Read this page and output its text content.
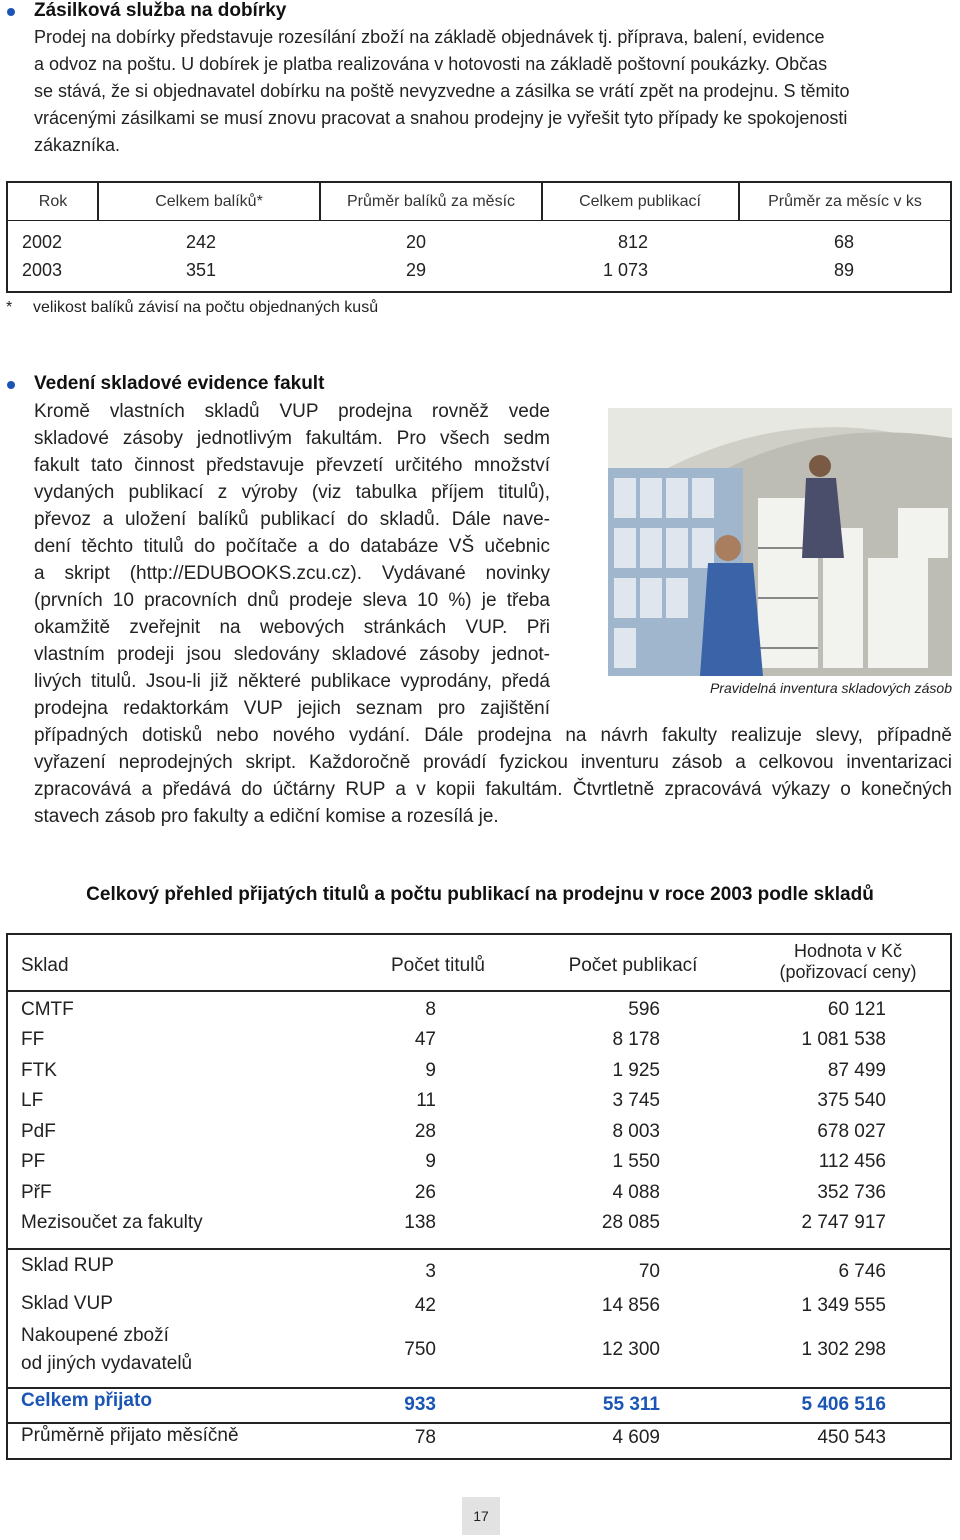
Zásilková služba na dobírky
Prodej na dobírky představuje rozesílání zboží na základě objednávek tj. příprava, balení, evidence
a odvoz na poštu. U dobírek je platba realizována v hotovosti na základě poštovní poukázky. Občas
se stává, že si objednavatel dobírku na poště nevyzvedne a zásilka se vrátí zpět na prodejnu. S těmito
vrácenými zásilkami se musí znovu pracovat a snahou prodejny je vyřešit tyto případy ke spokojenosti
zákazníka.
Rok	Celkem balíků*	Průměr balíků za měsíc	Celkem publikací	Průměr za měsíc v ks
2002	242	20	812	68
2003	351	29	1 073	89
* velikost balíků závisí na počtu objednaných kusů
Vedení skladové evidence fakult
Kromě vlastních skladů VUP prodejna rovněž vede
skladové zásoby jednotlivým fakultám. Pro všech sedm
fakult tato činnost představuje převzetí určitého množství
vydaných publikací z výroby (viz tabulka příjem titulů),
převoz a uložení balíků publikací do skladů. Dále nave-
dení těchto titulů do počítače a do databáze VŠ učebnic
a skript (http://EDUBOOKS.zcu.cz). Vydávané novinky
(prvních 10 pracovních dnů prodeje sleva 10 %) je třeba
okamžitě zveřejnit na webových stránkách VUP. Při
vlastním prodeji jsou sledovány skladové zásoby jednot-
livých titulů. Jsou-li již některé publikace vyprodány, předá
prodejna redaktorkám VUP jejich seznam pro zajištění
případných dotisků nebo nového vydání. Dále prodejna na návrh fakulty realizuje slevy, případně
vyřazení neprodejných skript. Každoročně provádí fyzickou inventuru zásob a celkovou inventarizaci
zpracovává a předává do účtárny RUP a v kopii fakultám. Čtvrtletně zpracovává výkazy o konečných
stavech zásob pro fakulty a ediční komise a rozesílá je.
Pravidelná inventura skladových zásob
Celkový přehled přijatých titulů a počtu publikací na prodejnu v roce 2003 podle skladů
Sklad	Počet titulů	Počet publikací
Hodnota v Kč
(pořizovací ceny)
CMTF	8	596	60 121
FF	47	8 178	1 081 538
FTK	9	1 925	87 499
LF	11	3 745	375 540
PdF	28	8 003	678 027
PF	9	1 550	112 456
PřF	26	4 088	352 736
Mezisoučet za fakulty	138	28 085	2 747 917
Sklad RUP	3	70	6 746
Sklad VUP	42	14 856	1 349 555
Nakoupené zboží
od jiných vydavatelů
750	12 300	1 302 298
Celkem přijato	933	55 311	5 406 516
Průměrně přijato měsíčně	78	4 609	450 543
17
